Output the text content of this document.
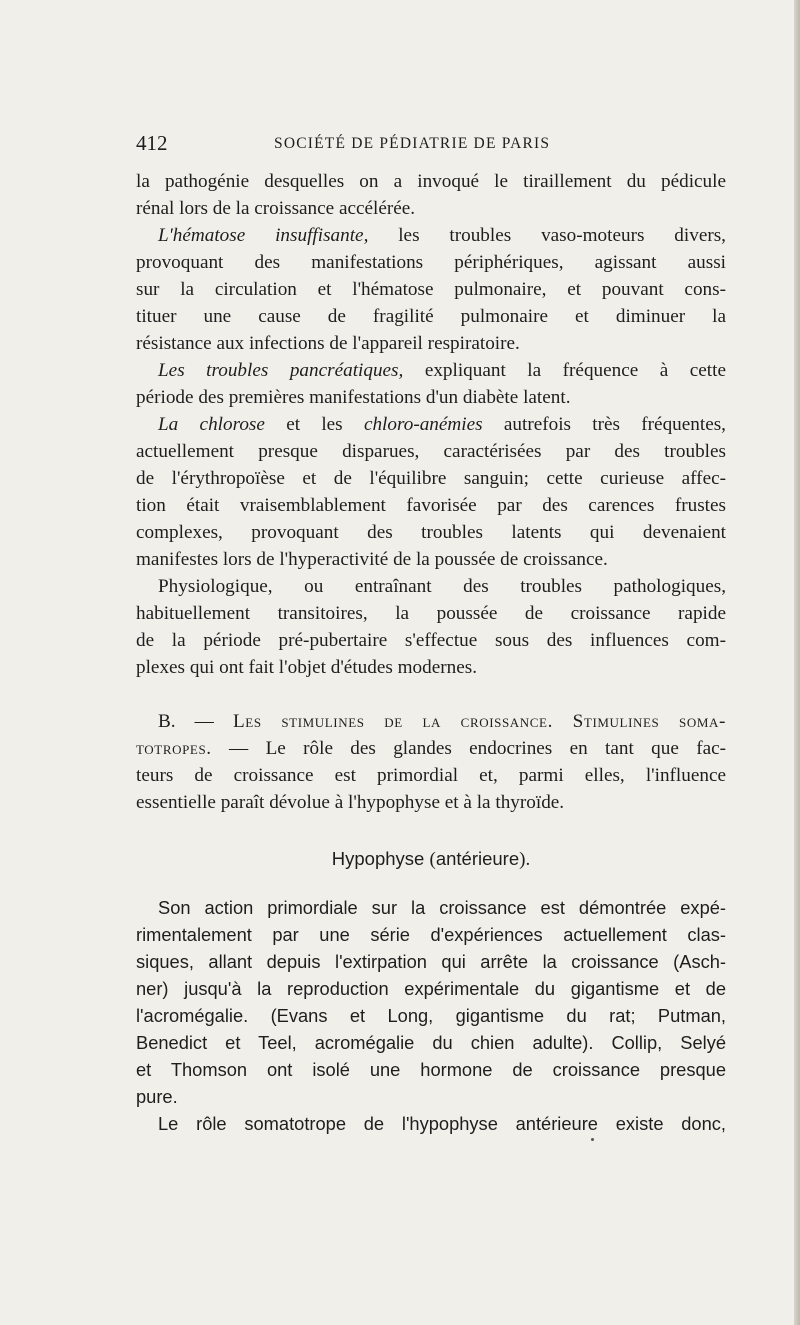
412	SOCIÉTÉ DE PÉDIATRIE DE PARIS
la pathogénie desquelles on a invoqué le tiraillement du pédicule
rénal lors de la croissance accélérée.
L'hématose insuffisante, les troubles vaso-moteurs divers,
provoquant des manifestations périphériques, agissant aussi
sur la circulation et l'hématose pulmonaire, et pouvant cons-
tituer une cause de fragilité pulmonaire et diminuer la
résistance aux infections de l'appareil respiratoire.
Les troubles pancréatiques, expliquant la fréquence à cette
période des premières manifestations d'un diabète latent.
La chlorose et les chloro-anémies autrefois très fréquentes,
actuellement presque disparues, caractérisées par des troubles
de l'érythropoïèse et de l'équilibre sanguin; cette curieuse affec-
tion était vraisemblablement favorisée par des carences frustes
complexes, provoquant des troubles latents qui devenaient
manifestes lors de l'hyperactivité de la poussée de croissance.
Physiologique, ou entraînant des troubles pathologiques,
habituellement transitoires, la poussée de croissance rapide
de la période pré-pubertaire s'effectue sous des influences com-
plexes qui ont fait l'objet d'études modernes.
B. — Les stimulines de la croissance. Stimulines soma-
totropes. — Le rôle des glandes endocrines en tant que fac-
teurs de croissance est primordial et, parmi elles, l'influence
essentielle paraît dévolue à l'hypophyse et à la thyroïde.
Hypophyse (antérieure).
Son action primordiale sur la croissance est démontrée expé-
rimentalement par une série d'expériences actuellement clas-
siques, allant depuis l'extirpation qui arrête la croissance (Asch-
ner) jusqu'à la reproduction expérimentale du gigantisme et de
l'acromégalie. (Evans et Long, gigantisme du rat; Putman,
Benedict et Teel, acromégalie du chien adulte). Collip, Selyé
et Thomson ont isolé une hormone de croissance presque
pure.
Le rôle somatotrope de l'hypophyse antérieure existe donc,
